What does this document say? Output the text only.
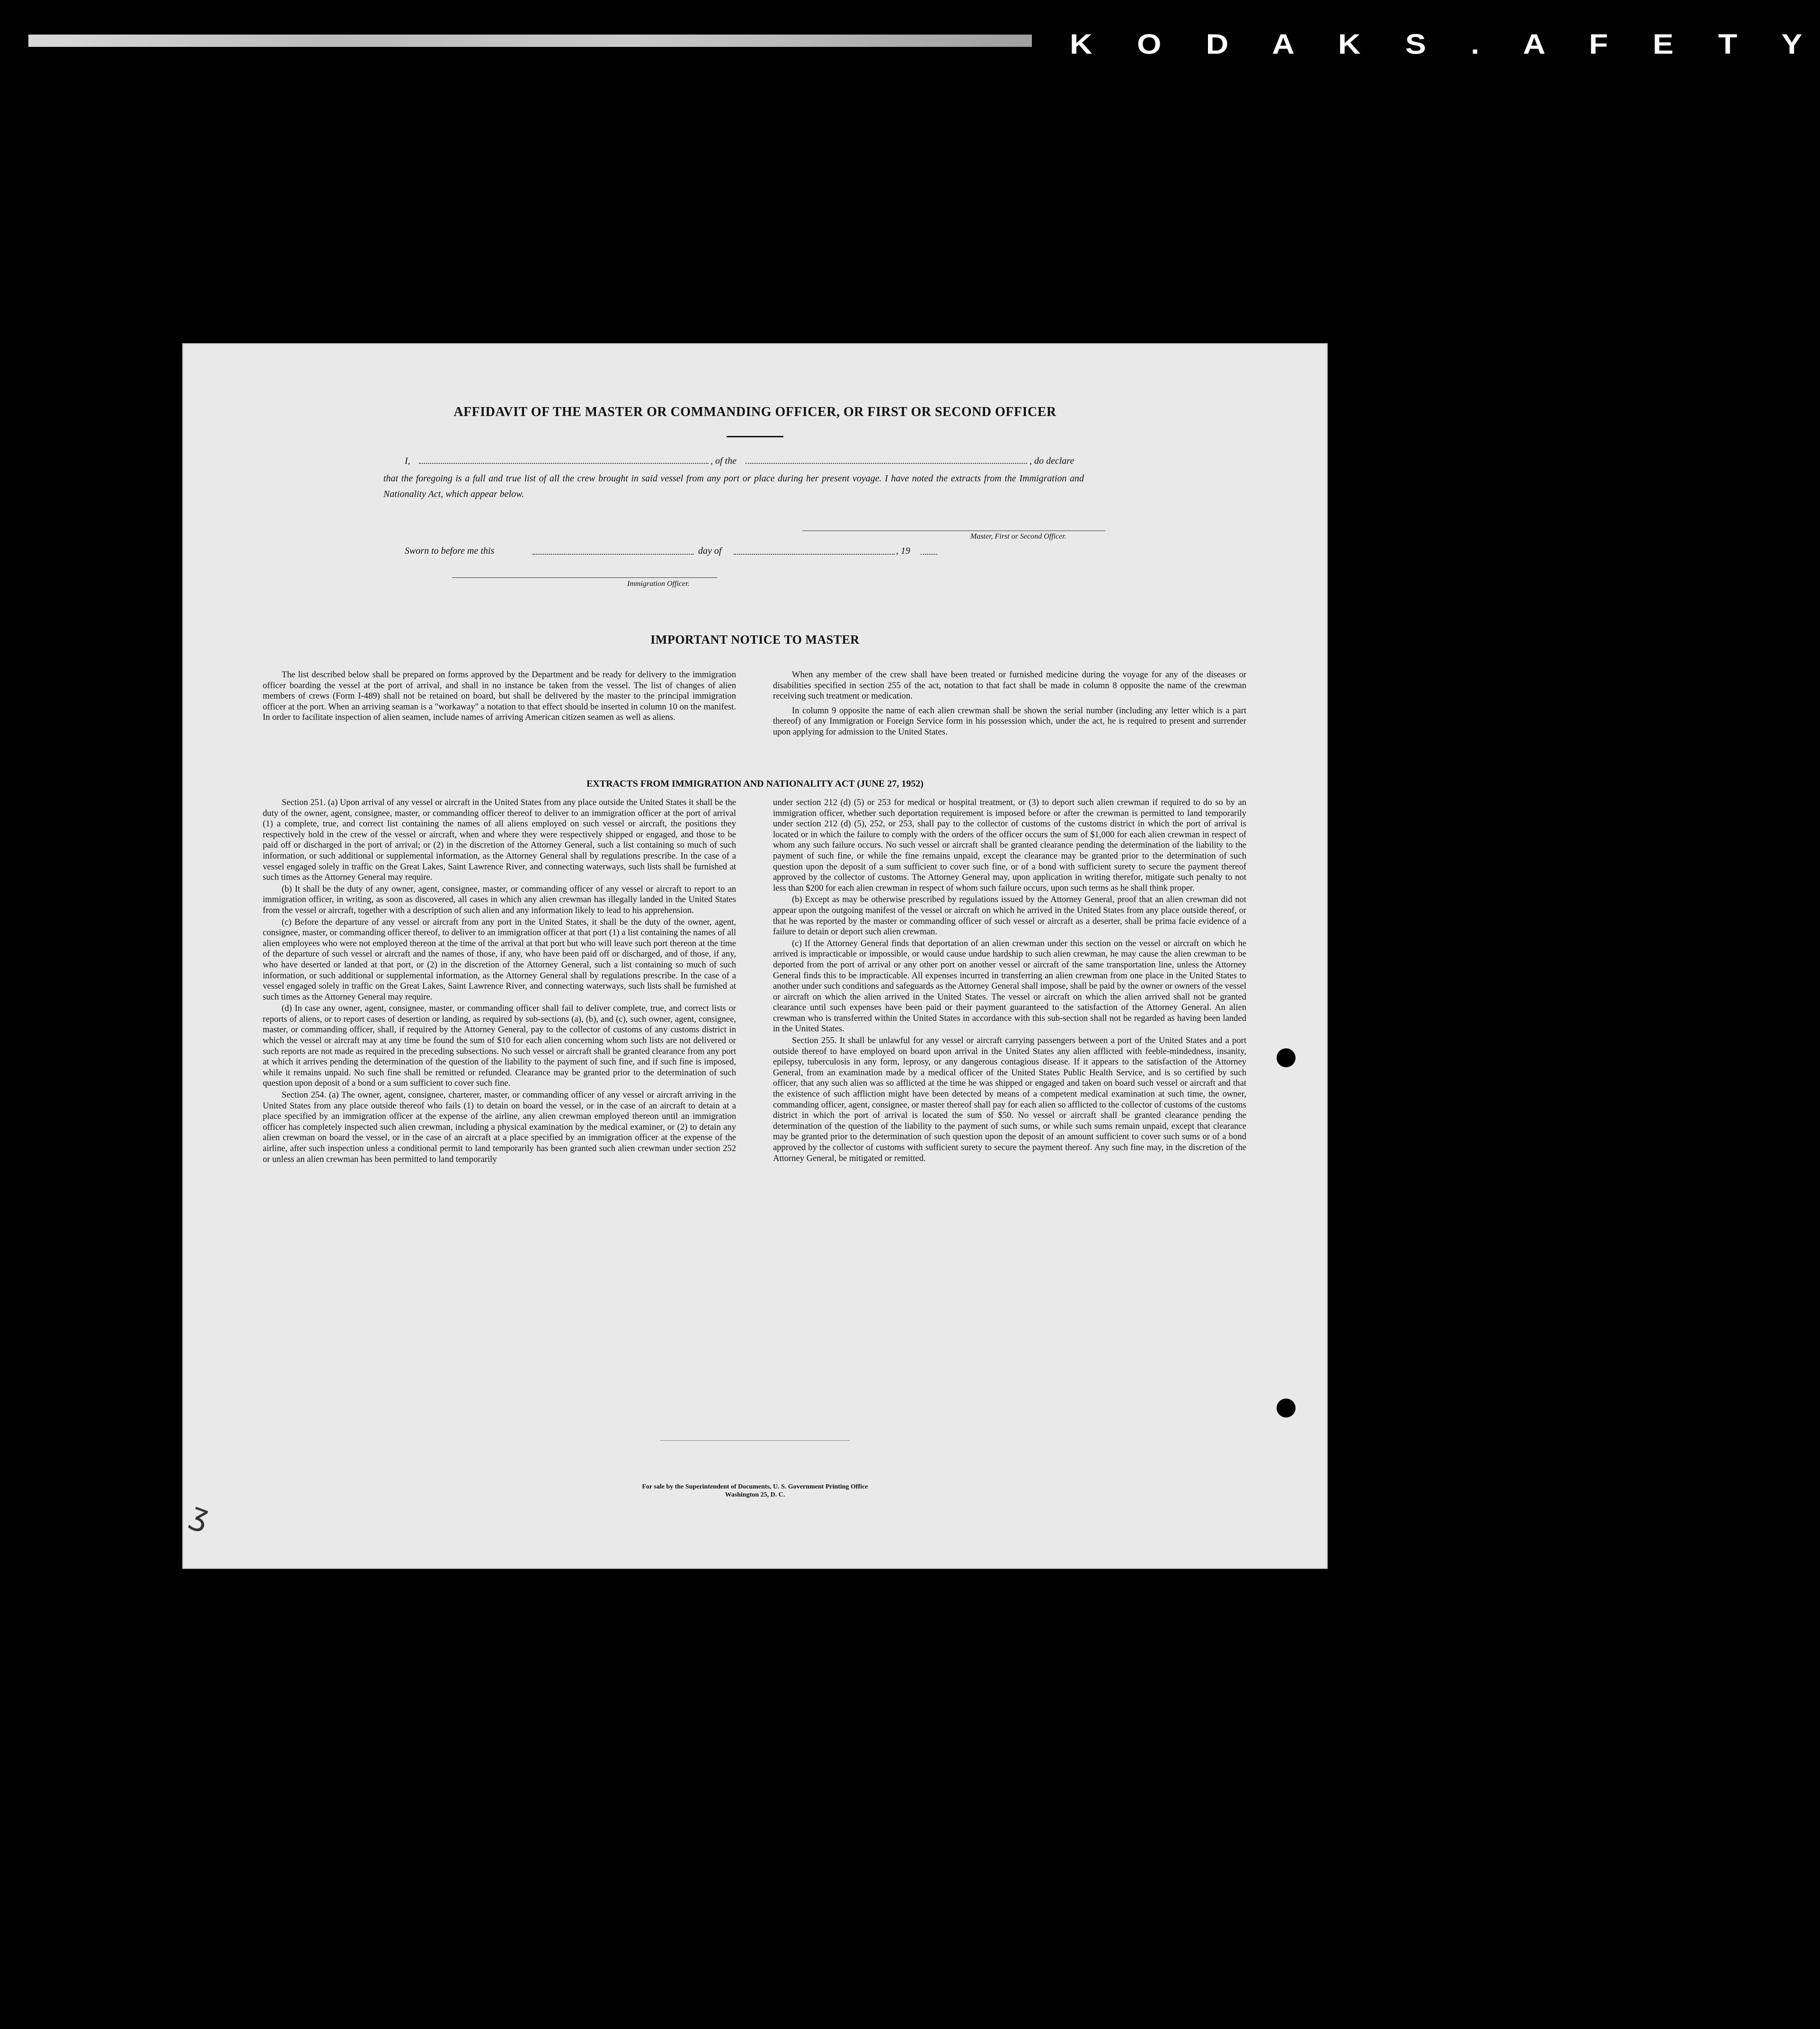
K O D A K S . A F E T Y
AFFIDAVIT OF THE MASTER OR COMMANDING OFFICER, OR FIRST OR SECOND OFFICER
I,	, of the	, do declare
that the foregoing is a full and true list of all the crew brought in said vessel from any port or place during her present voyage. I have noted the extracts from the Immigration and Nationality Act, which appear below.
Master, First or Second Officer.
Sworn to before me this	day of	, 19
Immigration Officer.
IMPORTANT NOTICE TO MASTER

The list described below shall be prepared on forms approved by the Department and be ready for delivery to the immigration officer boarding the vessel at the port of arrival, and shall in no instance be taken from the vessel. The list of changes of alien members of crews (Form I-489) shall not be retained on board, but shall be delivered by the master to the principal immigration officer at the port. When an arriving seaman is a "workaway" a notation to that effect should be inserted in column 10 on the manifest. In order to facilitate inspection of alien seamen, include names of arriving American citizen seamen as well as aliens.

When any member of the crew shall have been treated or furnished medicine during the voyage for any of the diseases or disabilities specified in section 255 of the act, notation to that fact shall be made in column 8 opposite the name of the crewman receiving such treatment or medication.

In column 9 opposite the name of each alien crewman shall be shown the serial number (including any letter which is a part thereof) of any Immigration or Foreign Service form in his possession which, under the act, he is required to present and surrender upon applying for admission to the United States.

EXTRACTS FROM IMMIGRATION AND NATIONALITY ACT (JUNE 27, 1952)

Section 251. (a) Upon arrival of any vessel or aircraft in the United States from any place outside the United States it shall be the duty of the owner, agent, consignee, master, or commanding officer thereof to deliver to an immigration officer at the port of arrival (1) a complete, true, and correct list containing the names of all aliens employed on such vessel or aircraft, the positions they respectively hold in the crew of the vessel or aircraft, when and where they were respectively shipped or engaged, and those to be paid off or discharged in the port of arrival; or (2) in the discretion of the Attorney General, such a list containing so much of such information, or such additional or supplemental information, as the Attorney General shall by regulations prescribe. In the case of a vessel engaged solely in traffic on the Great Lakes, Saint Lawrence River, and connecting waterways, such lists shall be furnished at such times as the Attorney General may require.

(b) It shall be the duty of any owner, agent, consignee, master, or commanding officer of any vessel or aircraft to report to an immigration officer, in writing, as soon as discovered, all cases in which any alien crewman has illegally landed in the United States from the vessel or aircraft, together with a description of such alien and any information likely to lead to his apprehension.

(c) Before the departure of any vessel or aircraft from any port in the United States, it shall be the duty of the owner, agent, consignee, master, or commanding officer thereof, to deliver to an immigration officer at that port (1) a list containing the names of all alien employees who were not employed thereon at the time of the arrival at that port but who will leave such port thereon at the time of the departure of such vessel or aircraft and the names of those, if any, who have been paid off or discharged, and of those, if any, who have deserted or landed at that port, or (2) in the discretion of the Attorney General, such a list containing so much of such information, or such additional or supplemental information, as the Attorney General shall by regulations prescribe. In the case of a vessel engaged solely in traffic on the Great Lakes, Saint Lawrence River, and connecting waterways, such lists shall be furnished at such times as the Attorney General may require.

(d) In case any owner, agent, consignee, master, or commanding officer shall fail to deliver complete, true, and correct lists or reports of aliens, or to report cases of desertion or landing, as required by sub-sections (a), (b), and (c), such owner, agent, consignee, master, or commanding officer, shall, if required by the Attorney General, pay to the collector of customs of any customs district in which the vessel or aircraft may at any time be found the sum of $10 for each alien concerning whom such lists are not delivered or such reports are not made as required in the preceding subsections. No such vessel or aircraft shall be granted clearance from any port at which it arrives pending the determination of the question of the liability to the payment of such fine, and if such fine is imposed, while it remains unpaid. No such fine shall be remitted or refunded. Clearance may be granted prior to the determination of such question upon deposit of a bond or a sum sufficient to cover such fine.

Section 254. (a) The owner, agent, consignee, charterer, master, or commanding officer of any vessel or aircraft arriving in the United States from any place outside thereof who fails (1) to detain on board the vessel, or in the case of an aircraft to detain at a place specified by an immigration officer at the expense of the airline, any alien crewman employed thereon until an immigration officer has completely inspected such alien crewman, including a physical examination by the medical examiner, or (2) to detain any alien crewman on board the vessel, or in the case of an aircraft at a place specified by an immigration officer at the expense of the airline, after such inspection unless a conditional permit to land temporarily has been granted such alien crewman under section 252 or unless an alien crewman has been permitted to land temporarily

under section 212 (d) (5) or 253 for medical or hospital treatment, or (3) to deport such alien crewman if required to do so by an immigration officer, whether such deportation requirement is imposed before or after the crewman is permitted to land temporarily under section 212 (d) (5), 252, or 253, shall pay to the collector of customs of the customs district in which the port of arrival is located or in which the failure to comply with the orders of the officer occurs the sum of $1,000 for each alien crewman in respect of whom any such failure occurs. No such vessel or aircraft shall be granted clearance pending the determination of the liability to the payment of such fine, or while the fine remains unpaid, except the clearance may be granted prior to the determination of such question upon the deposit of a sum sufficient to cover such fine, or of a bond with sufficient surety to secure the payment thereof approved by the collector of customs. The Attorney General may, upon application in writing therefor, mitigate such penalty to not less than $200 for each alien crewman in respect of whom such failure occurs, upon such terms as he shall think proper.

(b) Except as may be otherwise prescribed by regulations issued by the Attorney General, proof that an alien crewman did not appear upon the outgoing manifest of the vessel or aircraft on which he arrived in the United States from any place outside thereof, or that he was reported by the master or commanding officer of such vessel or aircraft as a deserter, shall be prima facie evidence of a failure to detain or deport such alien crewman.

(c) If the Attorney General finds that deportation of an alien crewman under this section on the vessel or aircraft on which he arrived is impracticable or impossible, or would cause undue hardship to such alien crewman, he may cause the alien crewman to be deported from the port of arrival or any other port on another vessel or aircraft of the same transportation line, unless the Attorney General finds this to be impracticable. All expenses incurred in transferring an alien crewman from one place in the United States to another under such conditions and safeguards as the Attorney General shall impose, shall be paid by the owner or owners of the vessel or aircraft on which the alien arrived in the United States. The vessel or aircraft on which the alien arrived shall not be granted clearance until such expenses have been paid or their payment guaranteed to the satisfaction of the Attorney General. An alien crewman who is transferred within the United States in accordance with this sub-section shall not be regarded as having been landed in the United States.

Section 255. It shall be unlawful for any vessel or aircraft carrying passengers between a port of the United States and a port outside thereof to have employed on board upon arrival in the United States any alien afflicted with feeble-mindedness, insanity, epilepsy, tuberculosis in any form, leprosy, or any dangerous contagious disease. If it appears to the satisfaction of the Attorney General, from an examination made by a medical officer of the United States Public Health Service, and is so certified by such officer, that any such alien was so afflicted at the time he was shipped or engaged and taken on board such vessel or aircraft and that the existence of such affliction might have been detected by means of a competent medical examination at such time, the owner, commanding officer, agent, consignee, or master thereof shall pay for each alien so afflicted to the collector of customs of the customs district in which the port of arrival is located the sum of $50. No vessel or aircraft shall be granted clearance pending the determination of the question of the liability to the payment of such sums, or while such sums remain unpaid, except that clearance may be granted prior to the determination of such question upon the deposit of an amount sufficient to cover such sums or of a bond approved by the collector of customs with sufficient surety to secure the payment thereof. Any such fine may, in the discretion of the Attorney General, be mitigated or remitted.

For sale by the Superintendent of Documents, U. S. Government Printing Office
Washington 25, D. C.
ʒ
